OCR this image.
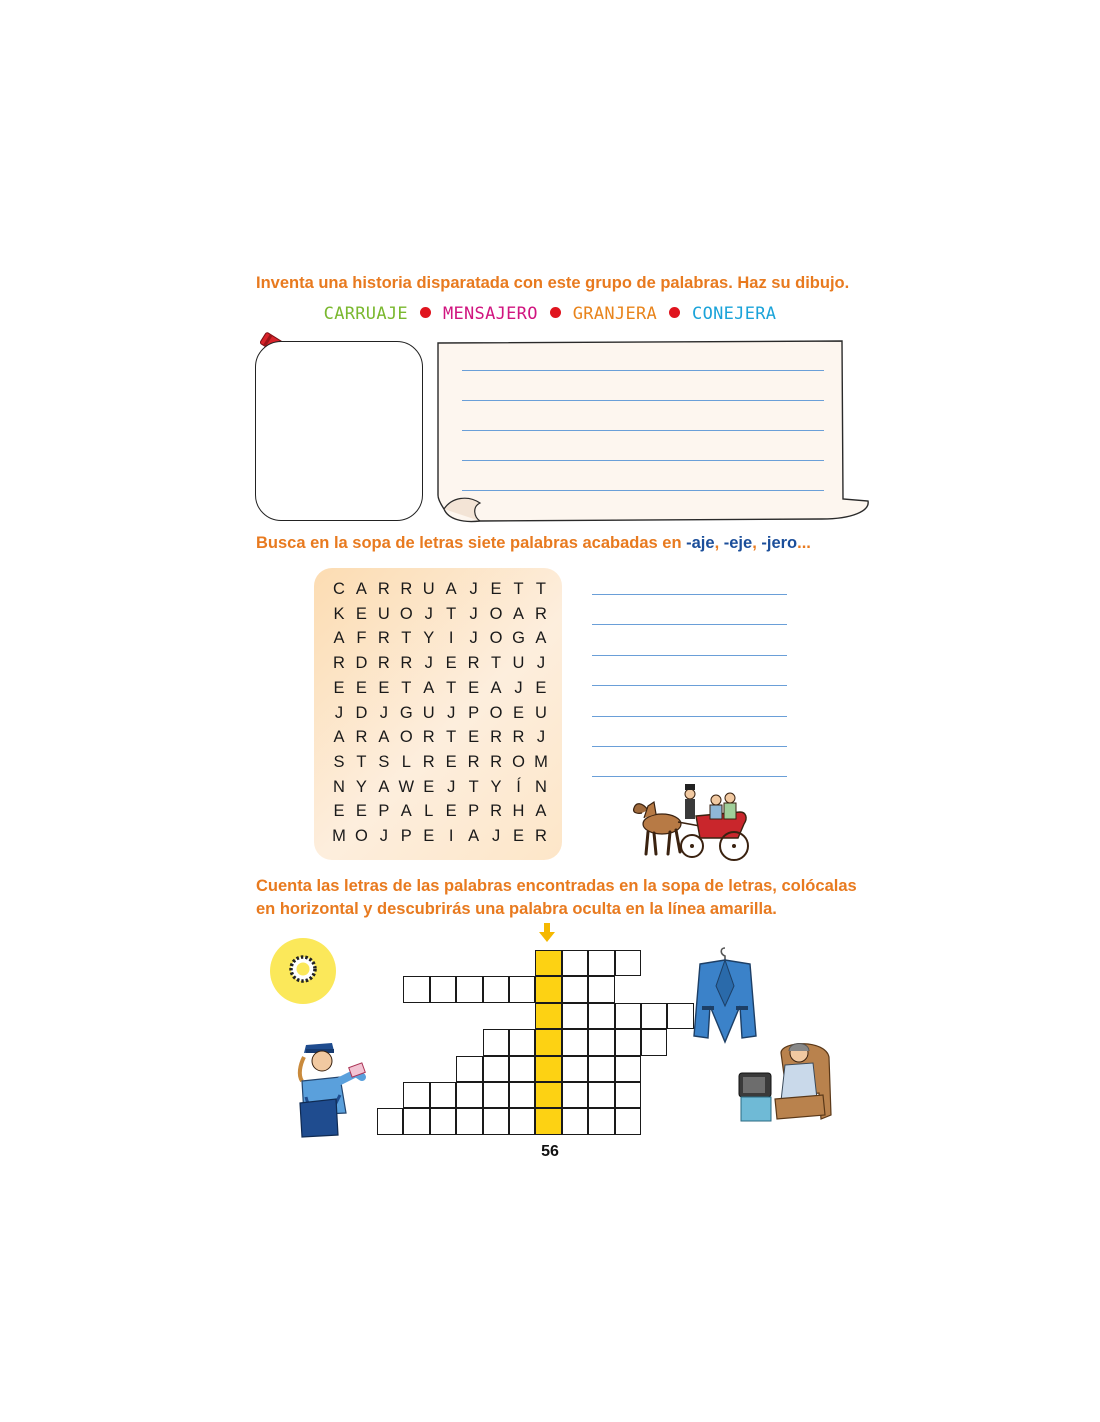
Inventa una historia disparatada con este grupo de palabras. Haz su dibujo.

CARRUAJE MENSAJERO GRANJERA CONEJERA

Busca en la sopa de letras siete palabras acabadas en -aje, -eje, -jero...

C A R R U A J E T T
K E U O J T J O A R
A F R T Y I J O G A
R D R R J E R T U J
E E E T A T E A J E
J D J G U J P O E U
A R A O R T E R R J
S T S L R E R R O M
N Y A W E J T Y Í N
E E P A L E P R H A
M O J P E I A J E R

Cuenta las letras de las palabras encontradas en la sopa de letras, colócalas

en horizontal y descubrirás una palabra oculta en la línea amarilla.

56
